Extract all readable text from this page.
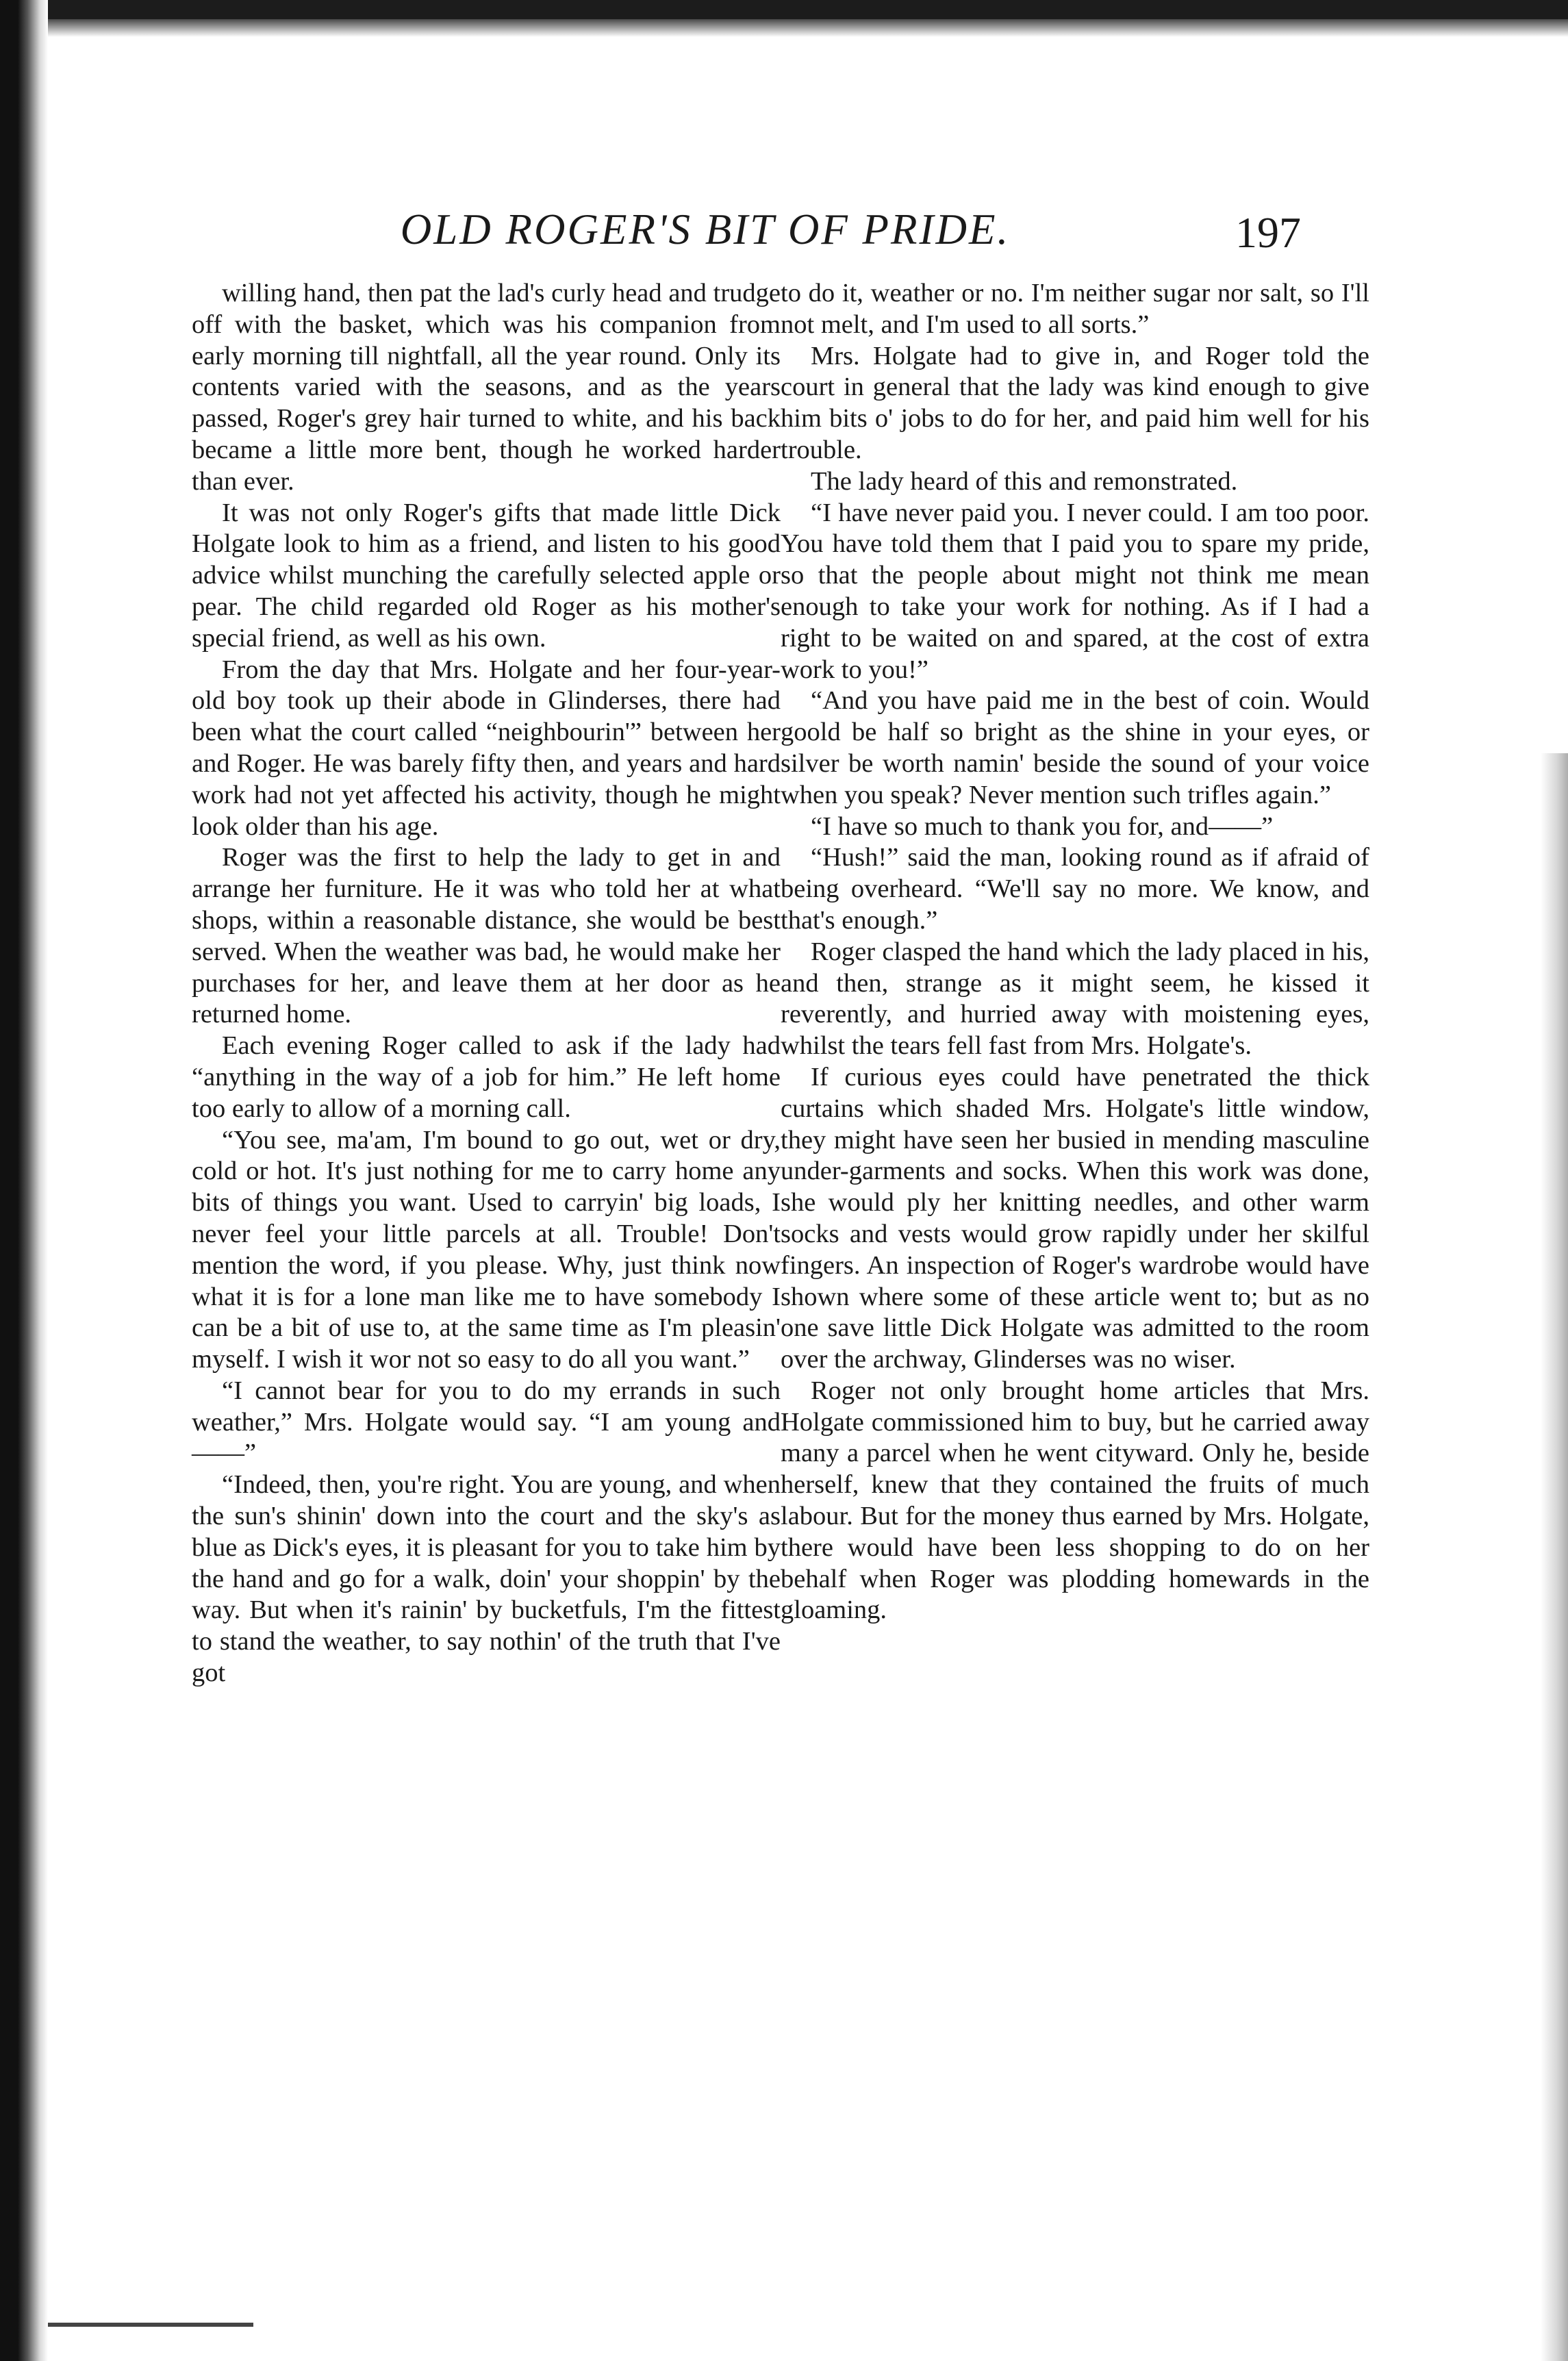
OLD ROGER'S BIT OF PRIDE.	197

willing hand, then pat the lad's curly head and trudge off with the basket, which was his companion from early morning till nightfall, all the year round. Only its contents varied with the seasons, and as the years passed, Roger's grey hair turned to white, and his back became a little more bent, though he worked harder than ever.

It was not only Roger's gifts that made little Dick Holgate look to him as a friend, and listen to his good advice whilst munching the carefully selected apple or pear. The child regarded old Roger as his mother's special friend, as well as his own.

From the day that Mrs. Holgate and her four-year-old boy took up their abode in Glinderses, there had been what the court called “neighbourin'” between her and Roger. He was barely fifty then, and years and hard work had not yet affected his activity, though he might look older than his age.

Roger was the first to help the lady to get in and arrange her furniture. He it was who told her at what shops, within a reasonable distance, she would be best served. When the weather was bad, he would make her purchases for her, and leave them at her door as he returned home.

Each evening Roger called to ask if the lady had “anything in the way of a job for him.” He left home too early to allow of a morning call.

“You see, ma'am, I'm bound to go out, wet or dry, cold or hot. It's just nothing for me to carry home any bits of things you want. Used to carryin' big loads, I never feel your little parcels at all. Trouble! Don't mention the word, if you please. Why, just think now what it is for a lone man like me to have somebody I can be a bit of use to, at the same time as I'm pleasin' myself. I wish it wor not so easy to do all you want.”

“I cannot bear for you to do my errands in such weather,” Mrs. Holgate would say. “I am young and——”

“Indeed, then, you're right. You are young, and when the sun's shinin' down into the court and the sky's as blue as Dick's eyes, it is pleasant for you to take him by the hand and go for a walk, doin' your shoppin' by the way. But when it's rainin' by bucketfuls, I'm the fittest to stand the weather, to say nothin' of the truth that I've got

to do it, weather or no. I'm neither sugar nor salt, so I'll not melt, and I'm used to all sorts.”

Mrs. Holgate had to give in, and Roger told the court in general that the lady was kind enough to give him bits o' jobs to do for her, and paid him well for his trouble.

The lady heard of this and remonstrated.

“I have never paid you. I never could. I am too poor. You have told them that I paid you to spare my pride, so that the people about might not think me mean enough to take your work for nothing. As if I had a right to be waited on and spared, at the cost of extra work to you!”

“And you have paid me in the best of coin. Would goold be half so bright as the shine in your eyes, or silver be worth namin' beside the sound of your voice when you speak? Never mention such trifles again.”

“I have so much to thank you for, and——”

“Hush!” said the man, looking round as if afraid of being overheard. “We'll say no more. We know, and that's enough.”

Roger clasped the hand which the lady placed in his, and then, strange as it might seem, he kissed it reverently, and hurried away with moistening eyes, whilst the tears fell fast from Mrs. Holgate's.

If curious eyes could have penetrated the thick curtains which shaded Mrs. Holgate's little window, they might have seen her busied in mending masculine under-garments and socks. When this work was done, she would ply her knitting needles, and other warm socks and vests would grow rapidly under her skilful fingers. An inspection of Roger's wardrobe would have shown where some of these article went to; but as no one save little Dick Holgate was admitted to the room over the archway, Glinderses was no wiser.

Roger not only brought home articles that Mrs. Holgate commissioned him to buy, but he carried away many a parcel when he went cityward. Only he, beside herself, knew that they contained the fruits of much labour. But for the money thus earned by Mrs. Holgate, there would have been less shopping to do on her behalf when Roger was plodding homewards in the gloaming.
